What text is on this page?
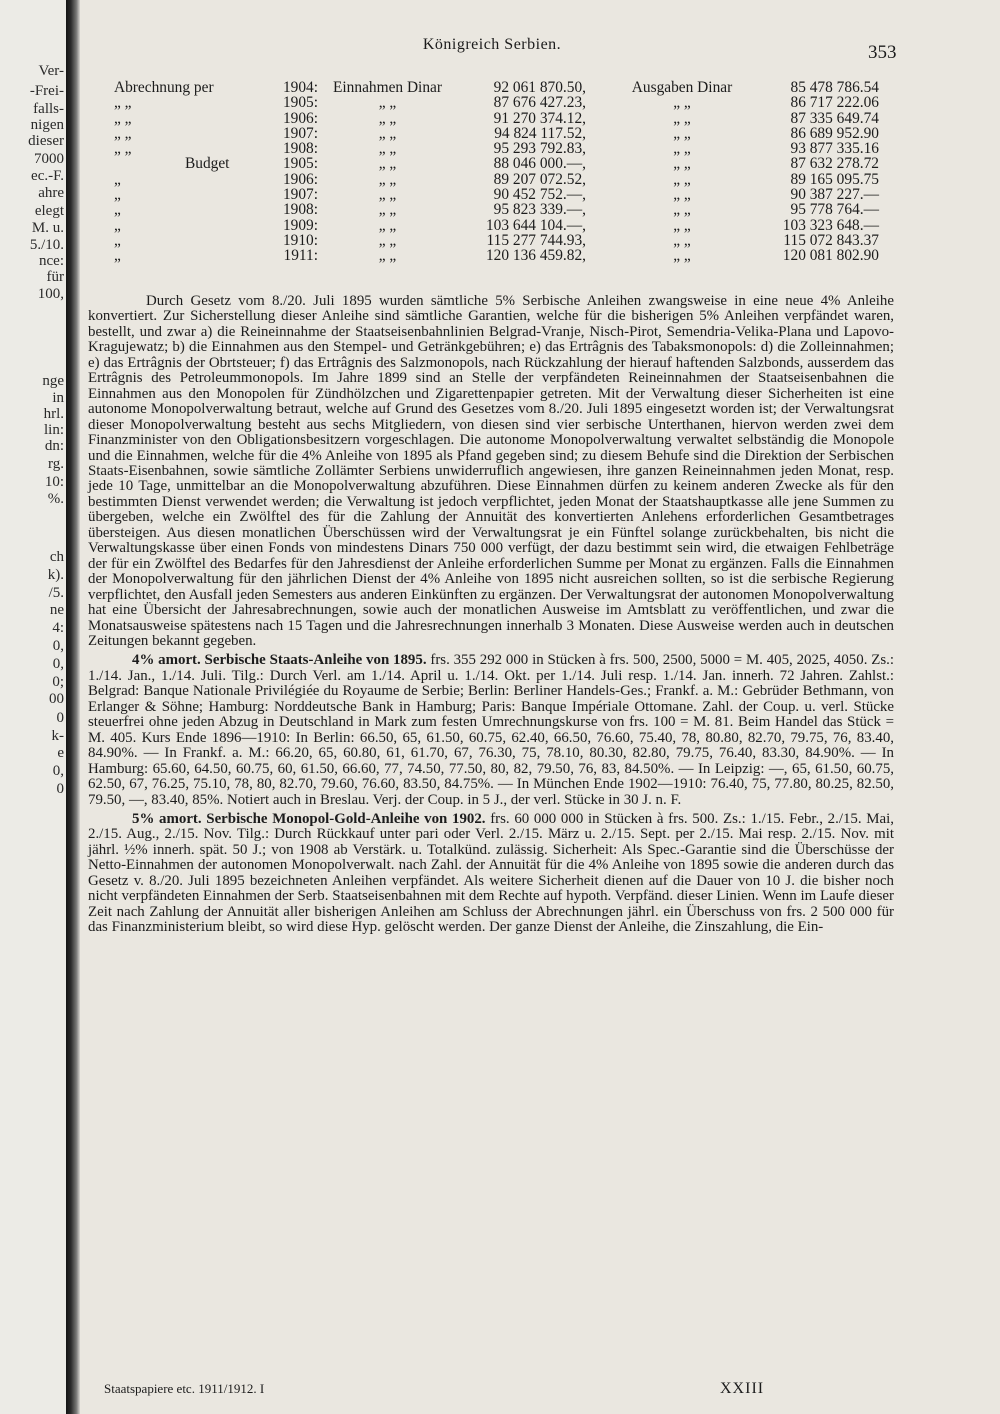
Ver-
-Frei-
falls-
nigen
dieser
7000
ec.-F.
ahre
elegt
M. u.
5./10.
nce:
für
100,
nge
in
hrl.
lin:
dn:
rg.
10:
%.
ch
k).
/5.
ne
4:
0,
0,
0;
00
0
k-
e
0,
0
Königreich Serbien.	353
Abrechnung per	1904: Einnahmen Dinar	92 061 870.50,	Ausgaben Dinar	85 478 786.54
„ „	1905:	„ „	87 676 427.23,	„ „	86 717 222.06
„ „	1906:	„ „	91 270 374.12,	„ „	87 335 649.74
„ „	1907:	„ „	94 824 117.52,	„ „	86 689 952.90
„ „	1908:	„ „	95 293 792.83,	„ „	93 877 335.16
Budget	1905:	„ „	88 046 000.—,	„ „	87 632 278.72
„	1906:	„ „	89 207 072.52,	„ „	89 165 095.75
„	1907:	„ „	90 452 752.—,	„ „	90 387 227.—
„	1908:	„ „	95 823 339.—,	„ „	95 778 764.—
„	1909:	„ „	103 644 104.—,	„ „	103 323 648.—
„	1910:	„ „	115 277 744.93,	„ „	115 072 843.37
„	1911:	„ „	120 136 459.82,	„ „	120 081 802.90

Durch Gesetz vom 8./20. Juli 1895 wurden sämtliche 5% Serbische Anleihen zwangsweise in eine neue 4% Anleihe konvertiert. Zur Sicherstellung dieser Anleihe sind sämtliche Garantien, welche für die bisherigen 5% Anleihen verpfändet waren, bestellt, und zwar a) die Reineinnahme der Staatseisenbahnlinien Belgrad-Vranje, Nisch-Pirot, Semendria-Velika-Plana und Lapovo-Kragujewatz; b) die Einnahmen aus den Stempel- und Getränkgebühren; e) das Ertrâgnis des Tabaksmonopols: d) die Zolleinnahmen; e) das Ertrâgnis der Obrtsteuer; f) das Ertrâgnis des Salzmonopols, nach Rückzahlung der hierauf haftenden Salzbonds, ausserdem das Ertrâgnis des Petroleummonopols. Im Jahre 1899 sind an Stelle der verpfändeten Reineinnahmen der Staatseisenbahnen die Einnahmen aus den Monopolen für Zündhölzchen und Zigarettenpapier getreten. Mit der Verwaltung dieser Sicherheiten ist eine autonome Monopolverwaltung betraut, welche auf Grund des Gesetzes vom 8./20. Juli 1895 eingesetzt worden ist; der Verwaltungsrat dieser Monopolverwaltung besteht aus sechs Mitgliedern, von diesen sind vier serbische Unterthanen, hiervon werden zwei dem Finanzminister von den Obligationsbesitzern vorgeschlagen. Die autonome Monopolverwaltung verwaltet selbständig die Monopole und die Einnahmen, welche für die 4% Anleihe von 1895 als Pfand gegeben sind; zu diesem Behufe sind die Direktion der Serbischen Staats-Eisenbahnen, sowie sämtliche Zollämter Serbiens unwiderruflich angewiesen, ihre ganzen Reineinnahmen jeden Monat, resp. jede 10 Tage, unmittelbar an die Monopolverwaltung abzuführen. Diese Einnahmen dürfen zu keinem anderen Zwecke als für den bestimmten Dienst verwendet werden; die Verwaltung ist jedoch verpflichtet, jeden Monat der Staatshauptkasse alle jene Summen zu übergeben, welche ein Zwölftel des für die Zahlung der Annuität des konvertierten Anlehens erforderlichen Gesamtbetrages übersteigen. Aus diesen monatlichen Überschüssen wird der Verwaltungsrat je ein Fünftel solange zurückbehalten, bis nicht die Verwaltungskasse über einen Fonds von mindestens Dinars 750 000 verfügt, der dazu bestimmt sein wird, die etwaigen Fehlbeträge der für ein Zwölftel des Bedarfes für den Jahresdienst der Anleihe erforderlichen Summe per Monat zu ergänzen. Falls die Einnahmen der Monopolverwaltung für den jährlichen Dienst der 4% Anleihe von 1895 nicht ausreichen sollten, so ist die serbische Regierung verpflichtet, den Ausfall jeden Semesters aus anderen Einkünften zu ergänzen. Der Verwaltungsrat der autonomen Monopolverwaltung hat eine Übersicht der Jahresabrechnungen, sowie auch der monatlichen Ausweise im Amtsblatt zu veröffentlichen, und zwar die Monatsausweise spätestens nach 15 Tagen und die Jahresrechnungen innerhalb 3 Monaten. Diese Ausweise werden auch in deutschen Zeitungen bekannt gegeben.

4% amort. Serbische Staats-Anleihe von 1895. frs. 355 292 000 in Stücken à frs. 500, 2500, 5000 = M. 405, 2025, 4050. Zs.: 1./14. Jan., 1./14. Juli. Tilg.: Durch Verl. am 1./14. April u. 1./14. Okt. per 1./14. Juli resp. 1./14. Jan. innerh. 72 Jahren. Zahlst.: Belgrad: Banque Nationale Privilégiée du Royaume de Serbie; Berlin: Berliner Handels-Ges.; Frankf. a. M.: Gebrüder Bethmann, von Erlanger & Söhne; Hamburg: Norddeutsche Bank in Hamburg; Paris: Banque Impériale Ottomane. Zahl. der Coup. u. verl. Stücke steuerfrei ohne jeden Abzug in Deutschland in Mark zum festen Umrechnungskurse von frs. 100 = M. 81. Beim Handel das Stück = M. 405. Kurs Ende 1896—1910: In Berlin: 66.50, 65, 61.50, 60.75, 62.40, 66.50, 76.60, 75.40, 78, 80.80, 82.70, 79.75, 76, 83.40, 84.90%. — In Frankf. a. M.: 66.20, 65, 60.80, 61, 61.70, 67, 76.30, 75, 78.10, 80.30, 82.80, 79.75, 76.40, 83.30, 84.90%. — In Hamburg: 65.60, 64.50, 60.75, 60, 61.50, 66.60, 77, 74.50, 77.50, 80, 82, 79.50, 76, 83, 84.50%. — In Leipzig: —, 65, 61.50, 60.75, 62.50, 67, 76.25, 75.10, 78, 80, 82.70, 79.60, 76.60, 83.50, 84.75%. — In München Ende 1902—1910: 76.40, 75, 77.80, 80.25, 82.50, 79.50, —, 83.40, 85%. Notiert auch in Breslau. Verj. der Coup. in 5 J., der verl. Stücke in 30 J. n. F.

5% amort. Serbische Monopol-Gold-Anleihe von 1902. frs. 60 000 000 in Stücken à frs. 500. Zs.: 1./15. Febr., 2./15. Mai, 2./15. Aug., 2./15. Nov. Tilg.: Durch Rückkauf unter pari oder Verl. 2./15. März u. 2./15. Sept. per 2./15. Mai resp. 2./15. Nov. mit jährl. ½% innerh. spät. 50 J.; von 1908 ab Verstärk. u. Totalkünd. zulässig. Sicherheit: Als Spec.-Garantie sind die Überschüsse der Netto-Einnahmen der autonomen Monopolverwalt. nach Zahl. der Annuität für die 4% Anleihe von 1895 sowie die anderen durch das Gesetz v. 8./20. Juli 1895 bezeichneten Anleihen verpfändet. Als weitere Sicherheit dienen auf die Dauer von 10 J. die bisher noch nicht verpfändeten Einnahmen der Serb. Staatseisenbahnen mit dem Rechte auf hypoth. Verpfänd. dieser Linien. Wenn im Laufe dieser Zeit nach Zahlung der Annuität aller bisherigen Anleihen am Schluss der Abrechnungen jährl. ein Überschuss von frs. 2 500 000 für das Finanzministerium bleibt, so wird diese Hyp. gelöscht werden. Der ganze Dienst der Anleihe, die Zinszahlung, die Ein-

Staatspapiere etc. 1911/1912. I	XXIII
